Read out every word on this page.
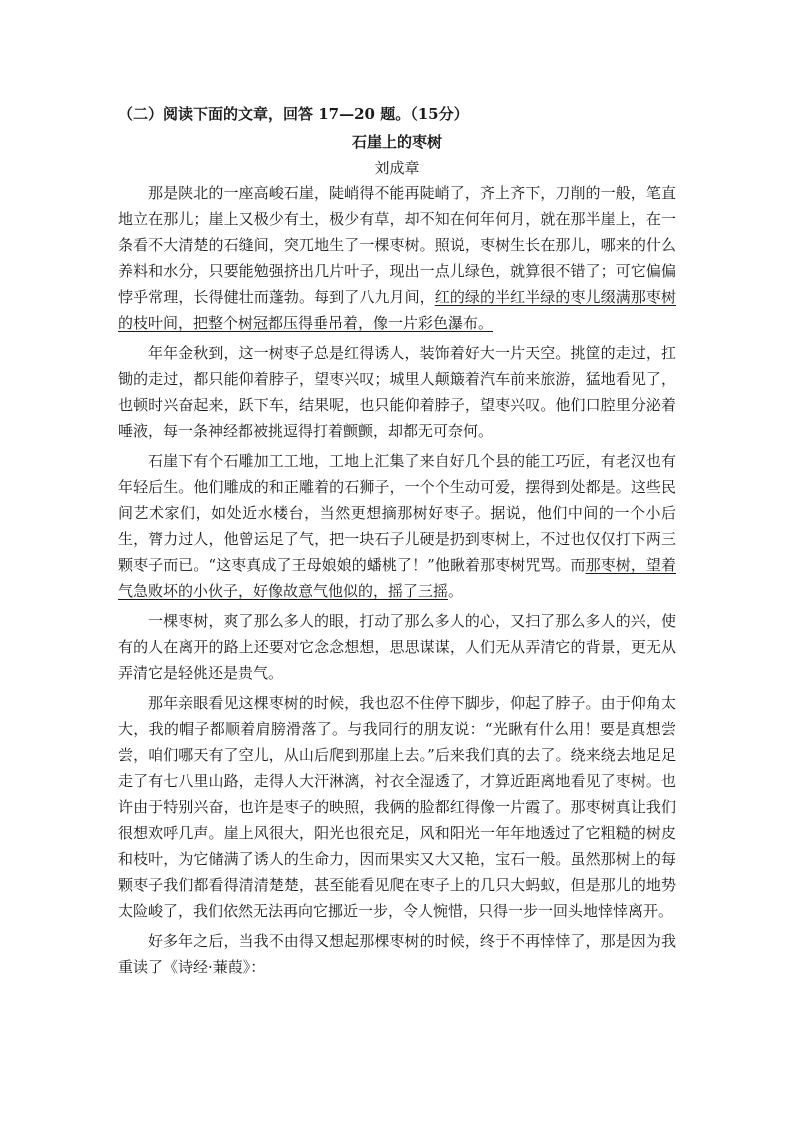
（二）阅读下面的文章，回答 17—20 题。（15分）
石崖上的枣树
刘成章

那是陕北的一座高峻石崖，陡峭得不能再陡峭了，齐上齐下，刀削的一般，笔直地立在那儿；崖上又极少有土，极少有草，却不知在何年何月，就在那半崖上，在一条看不大清楚的石缝间，突兀地生了一棵枣树。照说，枣树生长在那儿，哪来的什么养料和水分，只要能勉强挤出几片叶子，现出一点儿绿色，就算很不错了；可它偏偏悖乎常理，长得健壮而蓬勃。每到了八九月间，红的绿的半红半绿的枣儿缀满那枣树的枝叶间，把整个树冠都压得垂吊着，像一片彩色瀑布。

年年金秋到，这一树枣子总是红得诱人，装饰着好大一片天空。挑筐的走过，扛锄的走过，都只能仰着脖子，望枣兴叹；城里人颠簸着汽车前来旅游，猛地看见了，也顿时兴奋起来，跃下车，结果呢，也只能仰着脖子，望枣兴叹。他们口腔里分泌着唾液，每一条神经都被挑逗得打着颤颤，却都无可奈何。

石崖下有个石雕加工工地，工地上汇集了来自好几个县的能工巧匠，有老汉也有年轻后生。他们雕成的和正雕着的石狮子，一个个生动可爱，摆得到处都是。这些民间艺术家们，如处近水楼台，当然更想摘那树好枣子。据说，他们中间的一个小后生，膂力过人，他曾运足了气，把一块石子儿硬是扔到枣树上，不过也仅仅打下两三颗枣子而已。“这枣真成了王母娘娘的蟠桃了！”他瞅着那枣树咒骂。而那枣树，望着气急败坏的小伙子，好像故意气他似的，摇了三摇。

一棵枣树，爽了那么多人的眼，打动了那么多人的心，又扫了那么多人的兴，使有的人在离开的路上还要对它念念想想，思思谋谋，人们无从弄清它的背景，更无从弄清它是轻佻还是贵气。

那年亲眼看见这棵枣树的时候，我也忍不住停下脚步，仰起了脖子。由于仰角太大，我的帽子都顺着肩膀滑落了。与我同行的朋友说：“光瞅有什么用！要是真想尝尝，咱们哪天有了空儿，从山后爬到那崖上去。”后来我们真的去了。绕来绕去地足足走了有七八里山路，走得人大汗淋漓，衬衣全湿透了，才算近距离地看见了枣树。也许由于特别兴奋，也许是枣子的映照，我俩的脸都红得像一片霞了。那枣树真让我们很想欢呼几声。崖上风很大，阳光也很充足，风和阳光一年年地透过了它粗糙的树皮和枝叶，为它储满了诱人的生命力，因而果实又大又艳，宝石一般。虽然那树上的每颗枣子我们都看得清清楚楚，甚至能看见爬在枣子上的几只大蚂蚁，但是那儿的地势太险峻了，我们依然无法再向它挪近一步，令人惋惜，只得一步一回头地悻悻离开。

好多年之后，当我不由得又想起那棵枣树的时候，终于不再悻悻了，那是因为我重读了《诗经·蒹葭》：
